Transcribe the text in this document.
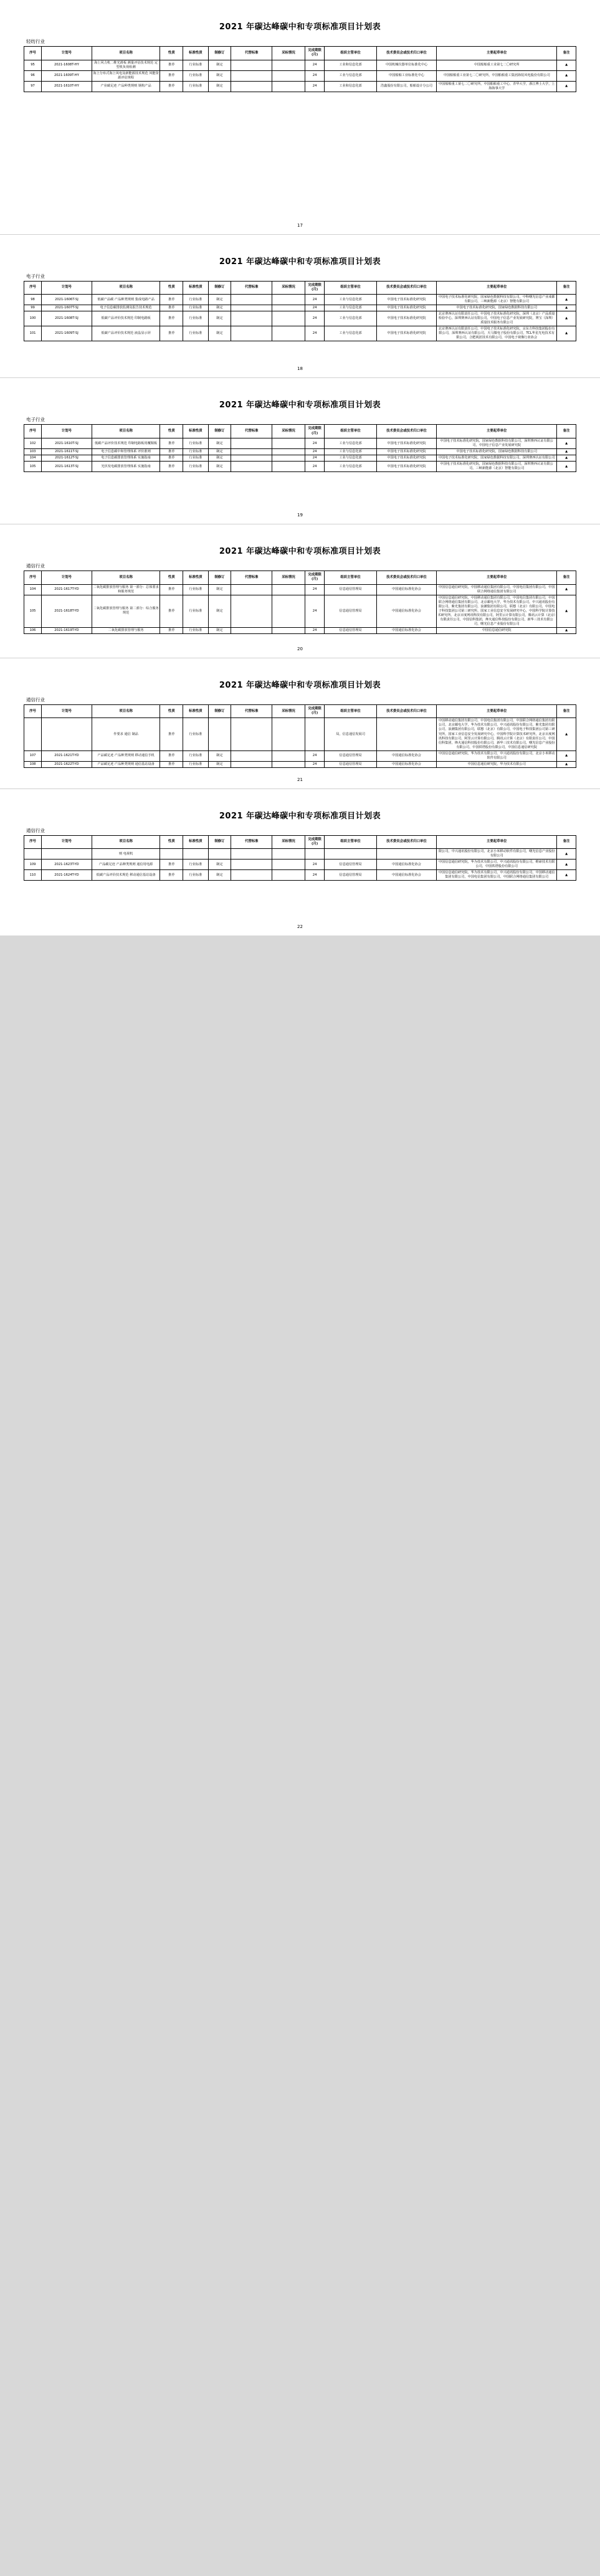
2021 年碳达峰碳中和专项标准项目计划表
轻纺行业
序号	计划号	项目名称	性质	标准性质	制修订	代替标准	采标情况	完成期限(月)	组织主管单位	技术委员会或技术归口单位	主要起草单位	备注
95	2021-1608T-HY	海上风力机二维光滑板 测量评估技术规范 定型机负荷检测	推荐	行业标准	制定			24	工业和信息化部	中国机械仪器单位标准化中心	中国船舶重工业第七二〇研究所	▲
96	2021-1609T-HY	海上分布式海上风电及新能源技术规范 风能资源评估规程	推荐	行业标准	制定			24	工业与信息化部	中国船舶工业标准化中心	中国船舶重工业第七二〇研究所，中国船舶重工集团海装风电股份有限公司	▲
97	2021-1610T-HY	产业碳足迹 产品种类规则 钢构产品	推荐	行业标准	制定			24	工业和信息化部	浩鑫股份有限公司，船舶设计分公司	中国船舶重工第七二〇研究所，中国船舶重工中心，青华大学，浙江博士大学，上海海事大学	▲
17
2021 年碳达峰碳中和专项标准项目计划表
电子行业
序号	计划号	项目名称	性质	标准性质	制修订	代替标准	采标情况	完成期限(月)	组织主管单位	技术委员会或技术归口单位	主要起草单位	备注
98	2021-1606T-SJ	低碳产品碳 产品种类规则 集成电路产品	推荐	行业标准	制定			24	工业与信息化部	中国电子技术标准化研究院	中国电子技术标准化研究院，国家绿色数据科技有限公司，中科曙光信息产业成都有限公司，三峡新能源（北京）智能有限公司	▲
99	2021-1607T-SJ	电子信息碳排放监测及报告技术规范	推荐	行业标准	制定			24	工业与信息化部	中国电子技术标准化研究院	中国电子技术标准化研究院，国家绿色数据科技有限公司	▲
100	2021-1608T-SJ	低碳产品评价技术规范 印制电路板	推荐	行业标准	制定			24	工业与信息化部	中国电子技术标准化研究院	北京赛西认证有限责任公司，中国电子技术标准化研究院，深圳（北京）产品质量检验中心，深圳赛西认证有限公司，中国电子信息产业发展研究院，赛宝（深圳）质量技术服务有限公司	▲
101	2021-1609T-SJ	低碳产品评价技术规范 液晶显示屏	推荐	行业标准	制定			24	工业与信息化部	中国电子技术标准化研究院	北京赛西认证有限责任公司，中国电子技术标准化研究院，京东方科技集团股份有限公司，深圳赛西认证有限公司，天马微电子股份有限公司，TCL华星光电技术有限公司，合肥视涯技术有限公司，中国电子视像行业协会	▲
18
2021 年碳达峰碳中和专项标准项目计划表
电子行业
序号	计划号	项目名称	性质	标准性质	制修订	代替标准	采标情况	完成期限(月)	组织主管单位	技术委员会或技术归口单位	主要起草单位	备注
102	2021-1610T-SJ	低碳产品评价技术规范 印制电路板用覆铜板	推荐	行业标准	制定			24	工业与信息化部	中国电子技术标准化研究院	中国电子技术标准化研究院，国家绿色数据科技有限公司，深圳赛西认证有限公司，中国电子信息产业发展研究院	▲
103	2021-1611T-SJ	电子信息碳中和管理体系 评价准则	推荐	行业标准	制定			24	工业与信息化部	中国电子技术标准化研究院	中国电子技术标准化研究院，国家绿色数据科技有限公司	▲
104	2021-1612T-SJ	电子信息碳排放管理体系 实施指南	推荐	行业标准	制定			24	工业与信息化部	中国电子技术标准化研究院	中国电子技术标准化研究院，国家绿色数据科技有限公司，深圳赛西认证有限公司	▲
105	2021-1613T-SJ	光伏发电碳排放管理体系 实施指南	推荐	行业标准	制定			24	工业与信息化部	中国电子技术标准化研究院	中国电子技术标准化研究院，国家绿色数据科技有限公司，深圳赛西认证有限公司，三峡新能源（北京）智能有限公司	▲
19
2021 年碳达峰碳中和专项标准项目计划表
通信行业
序号	计划号	项目名称	性质	标准性质	制修订	代替标准	采标情况	完成期限(月)	组织主管单位	技术委员会或技术归口单位	主要起草单位	备注
104	2021-1617T-YD	二氧化碳排放管理与服务 第一部分：总体要求和服务规范	推荐	行业标准	制定			24	信息通信管理局	中国通信标准化协会	中国信息通信研究院，中国移动通信集团有限公司，中国电信集团有限公司，中国联合网络通信集团有限公司	▲
105	2021-1618T-YD	二氧化碳排放管理与服务 第二部分：综合服务规范	推荐	行业标准	制定			24	信息通信管理局	中国通信标准化协会	中国信息通信研究院，中国移动通信集团有限公司，中国电信集团有限公司，中国联合网络通信集团有限公司，北京邮电大学，华为技术有限公司，中兴通讯股份有限公司，紫光集团有限公司，浪潮集团有限公司，联想（北京）有限公司，中国电子科技集团公司第三研究所，国家工业信息安全发展研究中心，中国科学院计算技术研究所，北京百度网讯科技有限公司，阿里云计算有限公司，腾讯云计算（北京）有限责任公司，中国信科集团，烽火通信科技股份有限公司，新华三技术有限公司，曙光信息产业股份有限公司	▲
106	2021-1619T-YD	二氧化碳排放管理与服务	推荐	行业标准	制定			24	信息通信管理局	中国通信标准化协会	中国信息通信研究院	▲
20
2021 年碳达峰碳中和专项标准项目计划表
通信行业
序号	计划号	项目名称	性质	标准性质	制修订	代替标准	采标情况	完成期限(月)	组织主管单位	技术委员会或技术归口单位	主要起草单位	备注
		作要求 通信 制品	推荐	行业标准					局，信息通信发展司		中国移动通信集团有限公司，中国电信集团有限公司，中国联合网络通信集团有限公司，北京邮电大学，华为技术有限公司，中兴通讯股份有限公司，紫光集团有限公司，浪潮集团有限公司，联想（北京）有限公司，中国电子科技集团公司第三研究所，国家工业信息安全发展研究中心，中国科学院计算技术研究所，北京百度网讯科技有限公司，阿里云计算有限公司，腾讯云计算（北京）有限责任公司，中国信科集团，烽火通信科技股份有限公司，新华三技术有限公司，曙光信息产业股份有限公司，中国铁塔股份有限公司，中国信息通信研究院	▲
107	2021-1621T-YD	产品碳足迹 产品种类规则 移动通信手机	推荐	行业标准	制定			24	信息通信管理局	中国通信标准化协会	中国信息通信研究院，华为技术有限公司，中兴通讯股份有限公司，北京小米移动软件有限公司	▲
108	2021-1622T-YD	产品碳足迹 产品种类规则 通信基站设备	推荐	行业标准	制定			24	信息通信管理局	中国通信标准化协会	中国信息通信研究院，华为技术有限公司	▲
21
2021 年碳达峰碳中和专项标准项目计划表
通信行业
序号	计划号	项目名称	性质	标准性质	制修订	代替标准	采标情况	完成期限(月)	组织主管单位	技术委员会或技术归口单位	主要起草单位	备注
		则 电视机									限公司，中兴通讯股份有限公司，北京小米移动软件有限公司，曙光信息产业股份有限公司	▲
109	2021-1623T-YD	产品碳足迹 产品种类规则 通信用电源	推荐	行业标准	制定			24	信息通信管理局	中国通信标准化协会	中国信息通信研究院，华为技术有限公司，中兴通讯股份有限公司，维谛技术有限公司，中国铁塔股份有限公司	▲
110	2021-1624T-YD	低碳产品评价技术规范 移动通信基站设备	推荐	行业标准	制定			24	信息通信管理局	中国通信标准化协会	中国信息通信研究院，华为技术有限公司，中兴通讯股份有限公司，中国移动通信集团有限公司，中国电信集团有限公司，中国联合网络通信集团有限公司	▲
22
